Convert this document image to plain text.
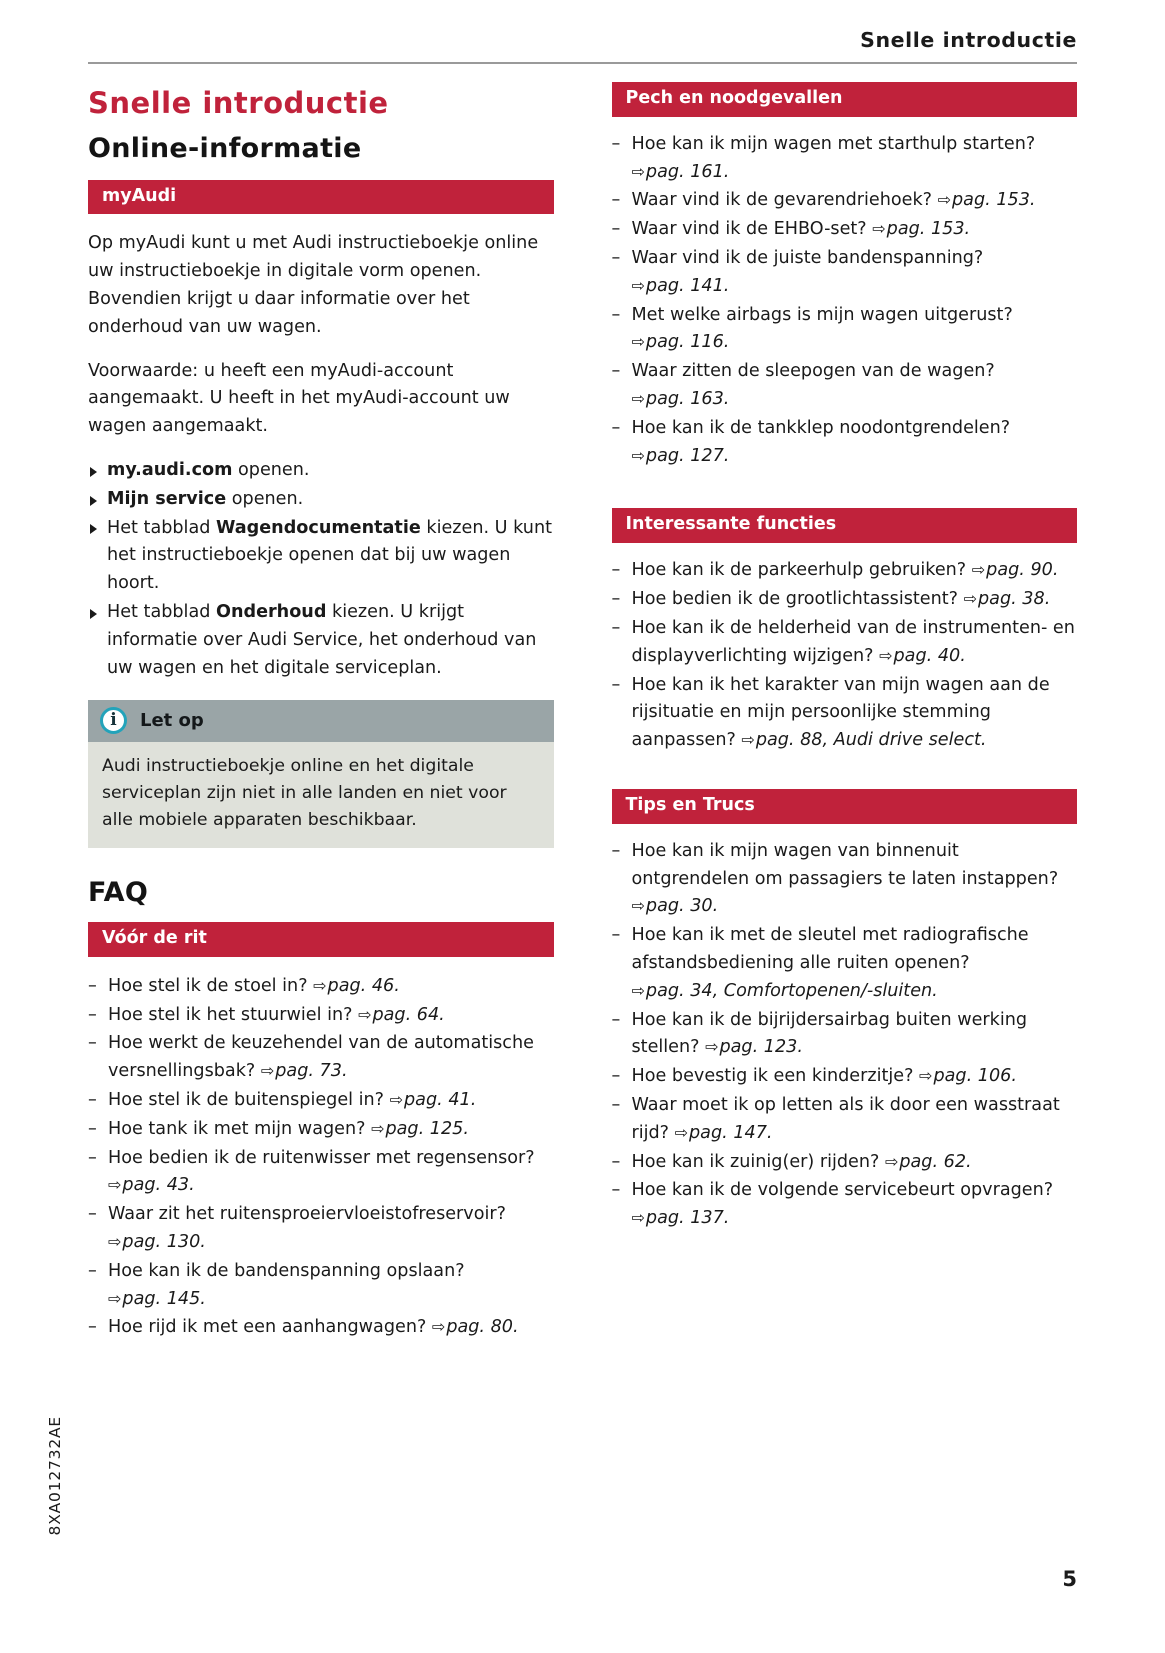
Snelle introductie
Snelle introductie
Online-informatie
myAudi

Op myAudi kunt u met Audi instructieboekje online uw instructieboekje in digitale vorm openen. Bovendien krijgt u daar informatie over het onderhoud van uw wagen.

Voorwaarde: u heeft een myAudi-account aangemaakt. U heeft in het myAudi-account uw wagen aangemaakt.

my.audi.com openen.
Mijn service openen.
Het tabblad Wagendocumentatie kiezen. U kunt het instructieboekje openen dat bij uw wagen hoort.
Het tabblad Onderhoud kiezen. U krijgt informatie over Audi Service, het onderhoud van uw wagen en het digitale serviceplan.
i	Let op
Audi instructieboekje online en het digitale serviceplan zijn niet in alle landen en niet voor alle mobiele apparaten beschikbaar.
FAQ
Vóór de rit
– Hoe stel ik de stoel in? ⇨pag. 46.
– Hoe stel ik het stuurwiel in? ⇨pag. 64.
– Hoe werkt de keuzehendel van de automatische versnellingsbak? ⇨pag. 73.
– Hoe stel ik de buitenspiegel in? ⇨pag. 41.
– Hoe tank ik met mijn wagen? ⇨pag. 125.
– Hoe bedien ik de ruitenwisser met regensensor? ⇨pag. 43.
– Waar zit het ruitensproeiervloeistofreservoir? ⇨pag. 130.
– Hoe kan ik de bandenspanning opslaan? ⇨pag. 145.
– Hoe rijd ik met een aanhangwagen? ⇨pag. 80.
Pech en noodgevallen
– Hoe kan ik mijn wagen met starthulp starten? ⇨pag. 161.
– Waar vind ik de gevarendriehoek? ⇨pag. 153.
– Waar vind ik de EHBO-set? ⇨pag. 153.
– Waar vind ik de juiste bandenspanning? ⇨pag. 141.
– Met welke airbags is mijn wagen uitgerust? ⇨pag. 116.
– Waar zitten de sleepogen van de wagen? ⇨pag. 163.
– Hoe kan ik de tankklep noodontgrendelen? ⇨pag. 127.
Interessante functies
– Hoe kan ik de parkeerhulp gebruiken? ⇨pag. 90.
– Hoe bedien ik de grootlichtassistent? ⇨pag. 38.
– Hoe kan ik de helderheid van de instrumenten- en displayverlichting wijzigen? ⇨pag. 40.
– Hoe kan ik het karakter van mijn wagen aan de rijsituatie en mijn persoonlijke stemming aanpassen? ⇨pag. 88, Audi drive select.
Tips en Trucs
– Hoe kan ik mijn wagen van binnenuit ontgrendelen om passagiers te laten instappen? ⇨pag. 30.
– Hoe kan ik met de sleutel met radiografische afstandsbediening alle ruiten openen? ⇨pag. 34, Comfortopenen/-sluiten.
– Hoe kan ik de bijrijdersairbag buiten werking stellen? ⇨pag. 123.
– Hoe bevestig ik een kinderzitje? ⇨pag. 106.
– Waar moet ik op letten als ik door een wasstraat rijd? ⇨pag. 147.
– Hoe kan ik zuinig(er) rijden? ⇨pag. 62.
– Hoe kan ik de volgende servicebeurt opvragen? ⇨pag. 137.
8XA012732AE
5
